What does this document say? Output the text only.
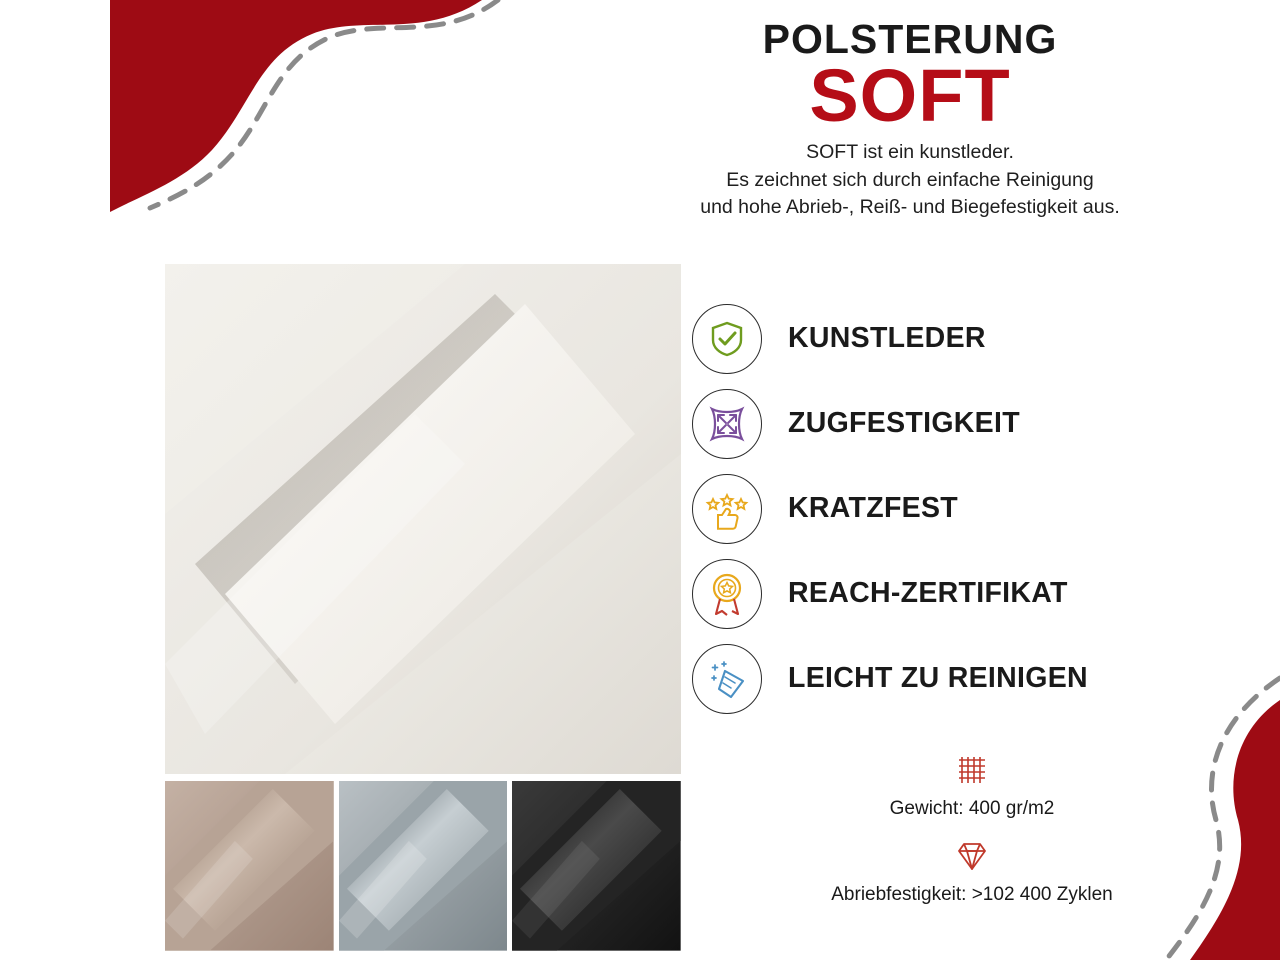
POLSTERUNG
SOFT
SOFT ist ein kunstleder.
Es zeichnet sich durch einfache Reinigung
und hohe Abrieb-, Reiß- und Biegefestigkeit aus.
KUNSTLEDER
ZUGFESTIGKEIT
KRATZFEST
REACH-ZERTIFIKAT
LEICHT ZU REINIGEN
Gewicht: 400 gr/m2
Abriebfestigkeit: >102 400 Zyklen
